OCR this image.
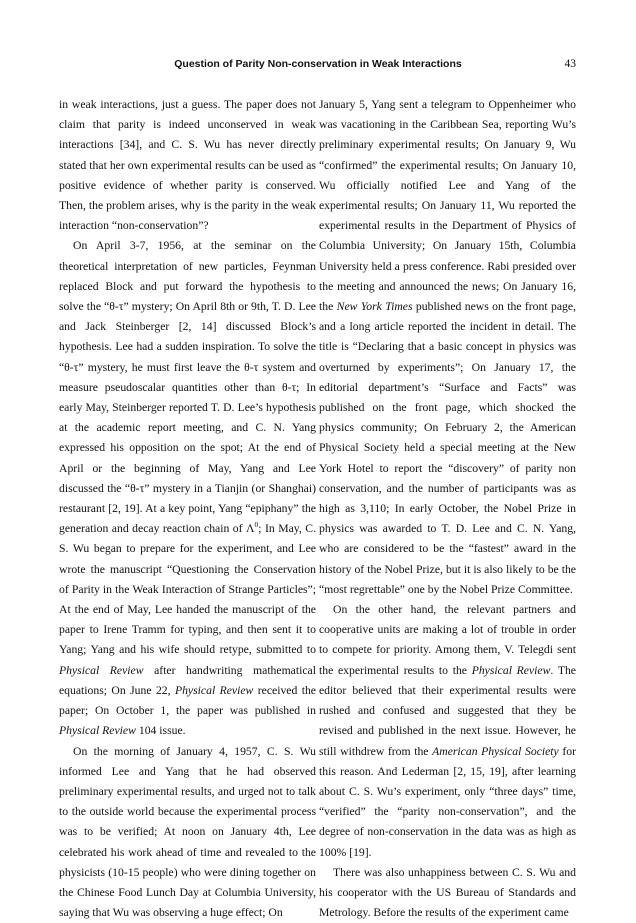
Question of Parity Non-conservation in Weak Interactions	43

in weak interactions, just a guess. The paper does not claim that parity is indeed unconserved in weak interactions [34], and C. S. Wu has never directly stated that her own experimental results can be used as positive evidence of whether parity is conserved. Then, the problem arises, why is the parity in the weak interaction “non-conservation”?

On April 3-7, 1956, at the seminar on the theoretical interpretation of new particles, Feynman replaced Block and put forward the hypothesis to solve the “θ-τ” mystery; On April 8th or 9th, T. D. Lee and Jack Steinberger [2, 14] discussed Block’s hypothesis. Lee had a sudden inspiration. To solve the “θ-τ” mystery, he must first leave the θ-τ system and measure pseudoscalar quantities other than θ-τ; In early May, Steinberger reported T. D. Lee’s hypothesis at the academic report meeting, and C. N. Yang expressed his opposition on the spot; At the end of April or the beginning of May, Yang and Lee discussed the “θ-τ” mystery in a Tianjin (or Shanghai) restaurant [2, 19]. At a key point, Yang “epiphany” the generation and decay reaction chain of $\Lambda^0$; In May, C. S. Wu began to prepare for the experiment, and Lee wrote the manuscript “Questioning the Conservation of Parity in the Weak Interaction of Strange Particles”; At the end of May, Lee handed the manuscript of the paper to Irene Tramm for typing, and then sent it to Yang; Yang and his wife should retype, submitted to Physical Review after handwriting mathematical equations; On June 22, Physical Review received the paper; On October 1, the paper was published in Physical Review 104 issue.

On the morning of January 4, 1957, C. S. Wu informed Lee and Yang that he had observed preliminary experimental results, and urged not to talk to the outside world because the experimental process was to be verified; At noon on January 4th, Lee celebrated his work ahead of time and revealed to the physicists (10-15 people) who were dining together on the Chinese Food Lunch Day at Columbia University, saying that Wu was observing a huge effect; On

January 5, Yang sent a telegram to Oppenheimer who was vacationing in the Caribbean Sea, reporting Wu’s preliminary experimental results; On January 9, Wu “confirmed” the experimental results; On January 10, Wu officially notified Lee and Yang of the experimental results; On January 11, Wu reported the experimental results in the Department of Physics of Columbia University; On January 15th, Columbia University held a press conference. Rabi presided over the meeting and announced the news; On January 16, the New York Times published news on the front page, and a long article reported the incident in detail. The title is “Declaring that a basic concept in physics was overturned by experiments”; On January 17, the editorial department’s “Surface and Facts” was published on the front page, which shocked the physics community; On February 2, the American Physical Society held a special meeting at the New York Hotel to report the “discovery” of parity non conservation, and the number of participants was as high as 3,110; In early October, the Nobel Prize in physics was awarded to T. D. Lee and C. N. Yang, who are considered to be the “fastest” award in the history of the Nobel Prize, but it is also likely to be the “most regrettable” one by the Nobel Prize Committee.

On the other hand, the relevant partners and cooperative units are making a lot of trouble in order to compete for priority. Among them, V. Telegdi sent the experimental results to the Physical Review. The editor believed that their experimental results were rushed and confused and suggested that they be revised and published in the next issue. However, he still withdrew from the American Physical Society for this reason. And Lederman [2, 15, 19], after learning about C. S. Wu’s experiment, only “three days” time, “verified” the “parity non-conservation”, and the degree of non-conservation in the data was as high as 100% [19].

There was also unhappiness between C. S. Wu and his cooperator with the US Bureau of Standards and Metrology. Before the results of the experiment came
